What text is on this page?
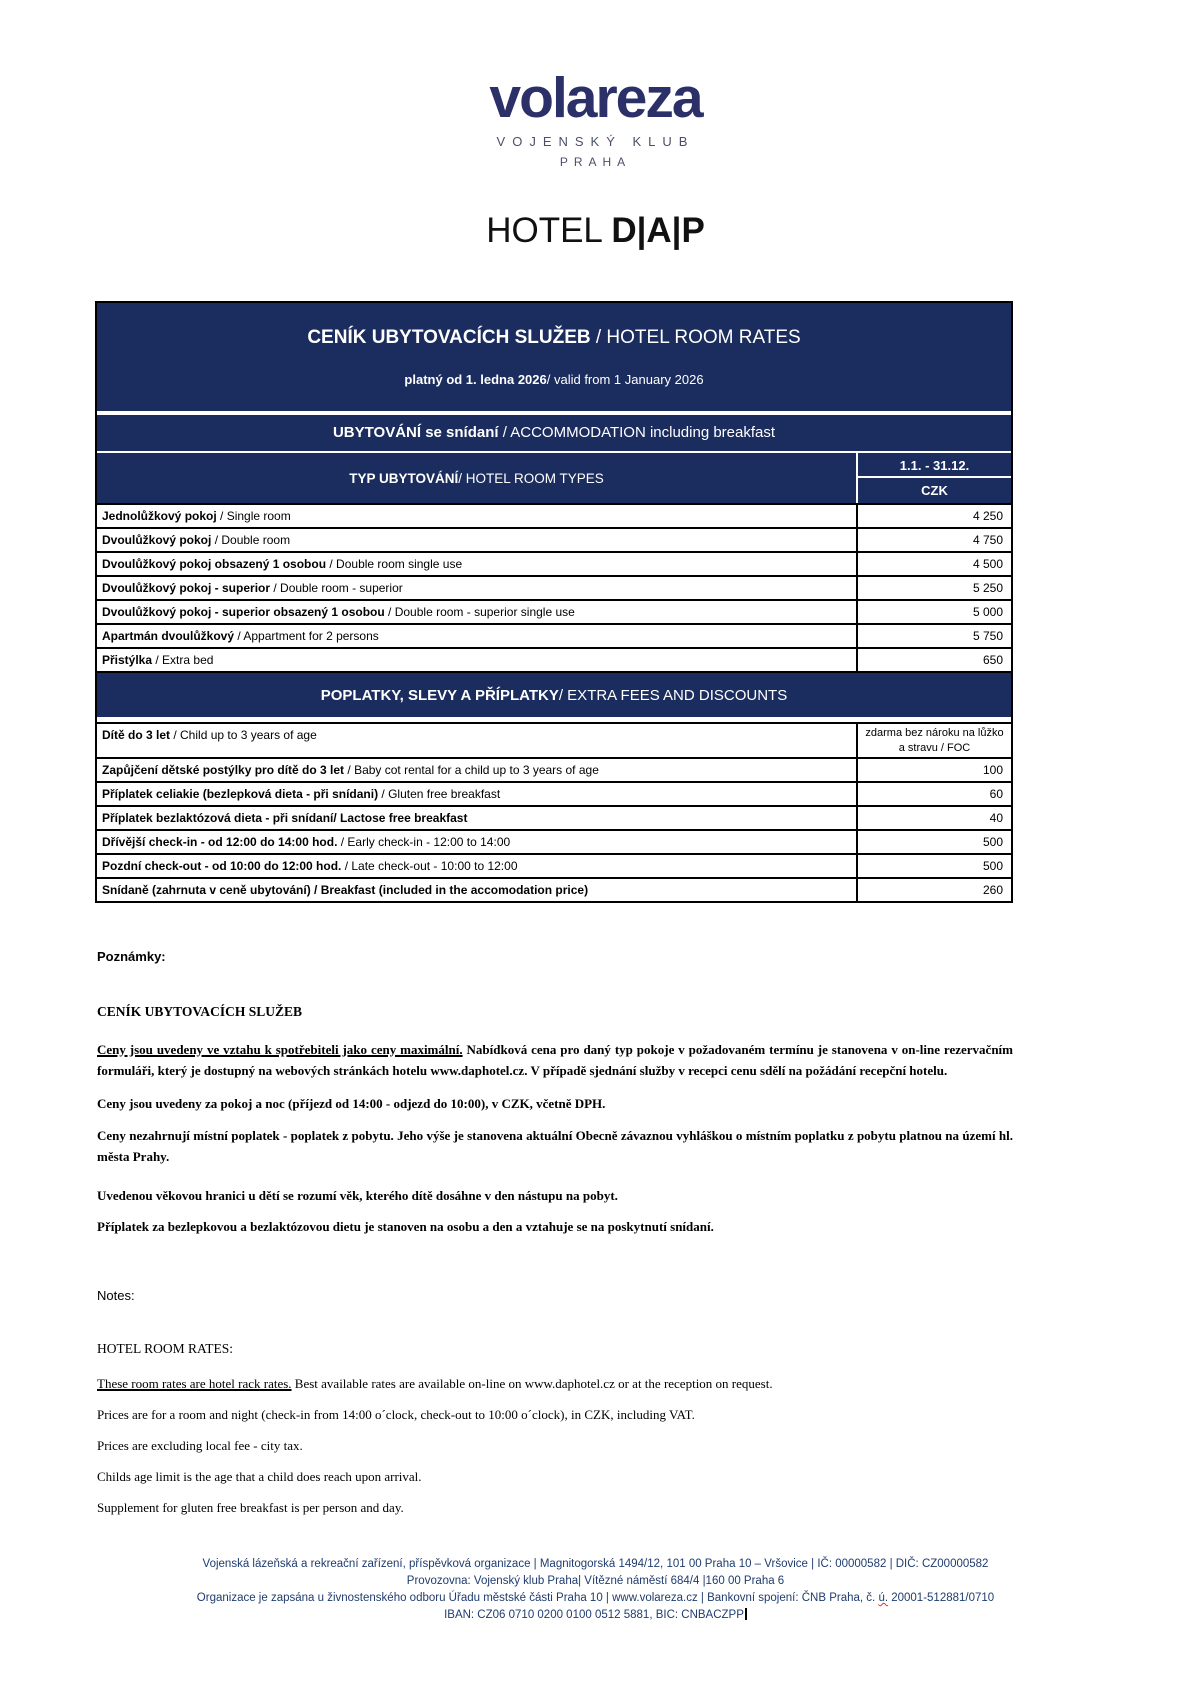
volareza
VOJENSKÝ KLUB
PRAHA
HOTEL D|A|P
CENÍK UBYTOVACÍCH SLUŽEB / HOTEL ROOM RATES
platný od 1. ledna 2026/ valid from 1 January 2026
UBYTOVÁNÍ se snídaní / ACCOMMODATION including breakfast
TYP UBYTOVÁNÍ / HOTEL ROOM TYPES
1.1. - 31.12.
CZK
Jednolůžkový pokoj / Single room	4 250
Dvoulůžkový pokoj / Double room	4 750
Dvoulůžkový pokoj obsazený 1 osobou / Double room single use	4 500
Dvoulůžkový pokoj - superior / Double room - superior	5 250
Dvoulůžkový pokoj - superior obsazený 1 osobou / Double room - superior single use	5 000
Apartmán dvoulůžkový / Appartment for 2 persons	5 750
Přistýlka / Extra bed	650
POPLATKY, SLEVY A PŘÍPLATKY / EXTRA FEES AND DISCOUNTS
Dítě do 3 let / Child up to 3 years of age	zdarma bez nároku na lůžko a stravu / FOC
Zapůjčení dětské postýlky pro dítě do 3 let / Baby cot rental for a child up to 3 years of age	100
Příplatek celiakie (bezlepková dieta - při snídani) / Gluten free breakfast	60
Příplatek bezlaktózová dieta - při snídaní/ Lactose free breakfast	40
Dřívější check-in - od 12:00 do 14:00 hod. / Early check-in - 12:00 to 14:00	500
Pozdní check-out - od 10:00 do 12:00 hod. / Late check-out - 10:00 to 12:00	500
Snídaně (zahrnuta v ceně ubytování) / Breakfast (included in the accomodation price)	260
Poznámky:
CENÍK UBYTOVACÍCH SLUŽEB

Ceny jsou uvedeny ve vztahu k spotřebiteli jako ceny maximální. Nabídková cena pro daný typ pokoje v požadovaném termínu je stanovena v on-line rezervačním formuláři, který je dostupný na webových stránkách hotelu www.daphotel.cz. V případě sjednání služby v recepci cenu sdělí na požádání recepční hotelu.

Ceny jsou uvedeny za pokoj a noc (příjezd od 14:00 - odjezd do 10:00), v CZK, včetně DPH.

Ceny nezahrnují místní poplatek - poplatek z pobytu. Jeho výše je stanovena aktuální Obecně závaznou vyhláškou o místním poplatku z pobytu platnou na území hl. města Prahy.

Uvedenou věkovou hranici u dětí se rozumí věk, kterého dítě dosáhne v den nástupu na pobyt.

Příplatek za bezlepkovou a bezlaktózovou dietu je stanoven na osobu a den a vztahuje se na poskytnutí snídaní.

Notes:
HOTEL ROOM RATES:

These room rates are hotel rack rates. Best available rates are available on-line on www.daphotel.cz or at the reception on request.

Prices are for a room and night (check-in from 14:00 o´clock, check-out to 10:00 o´clock), in CZK, including VAT.

Prices are excluding local fee - city tax.

Childs age limit is the age that a child does reach upon arrival.

Supplement for gluten free breakfast is per person and day.

Vojenská lázeňská a rekreační zařízení, příspěvková organizace | Magnitogorská 1494/12, 101 00 Praha 10 – Vršovice | IČ: 00000582 | DIČ: CZ00000582
Provozovna: Vojenský klub Praha| Vítězné náměstí 684/4 |160 00 Praha 6
Organizace je zapsána u živnostenského odboru Úřadu městské části Praha 10 | www.volareza.cz | Bankovní spojení: ČNB Praha, č. ú. 20001-512881/0710
IBAN: CZ06 0710 0200 0100 0512 5881, BIC: CNBACZPP
